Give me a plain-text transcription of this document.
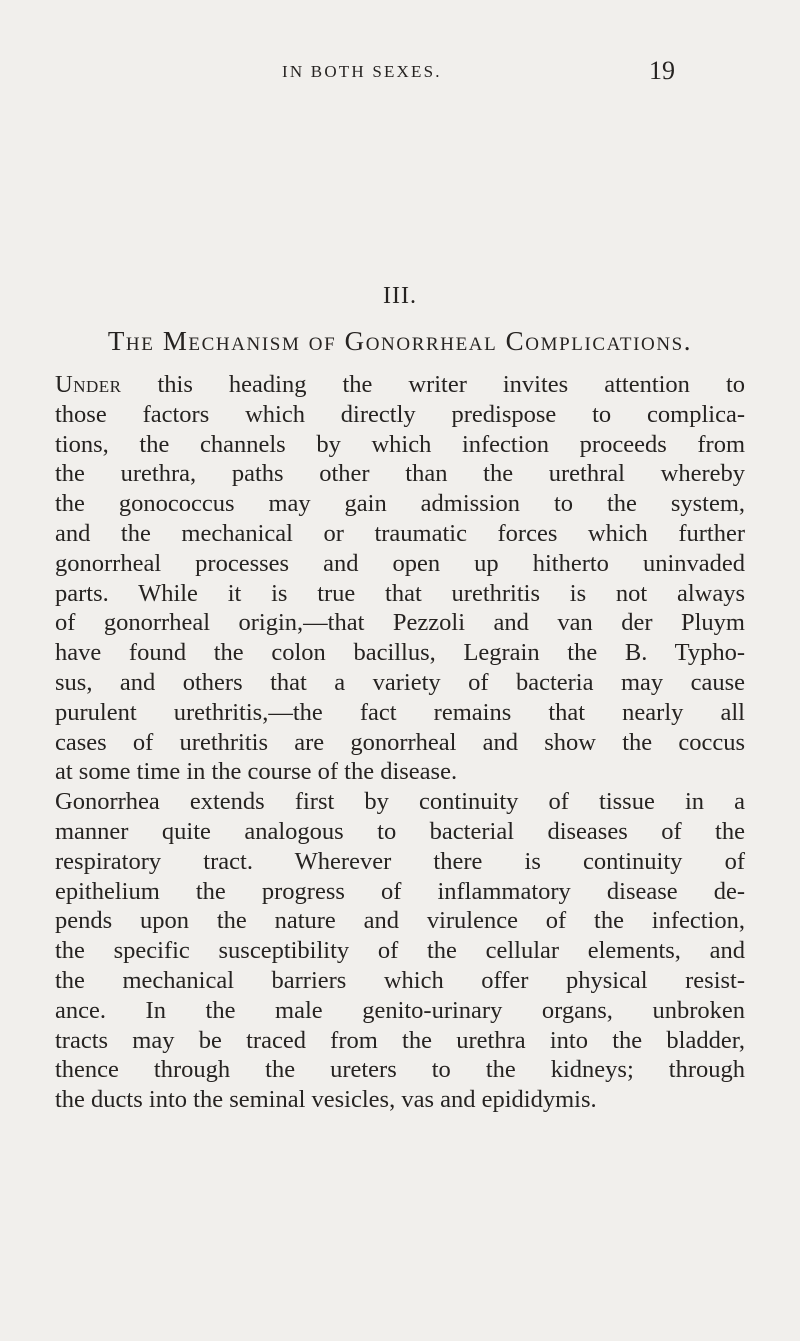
IN BOTH SEXES.	19
III.
The Mechanism of Gonorrheal Complications.
Under this heading the writer invites attention to
those factors which directly predispose to complica-
tions, the channels by which infection proceeds from
the urethra, paths other than the urethral whereby
the gonococcus may gain admission to the system,
and the mechanical or traumatic forces which further
gonorrheal processes and open up hitherto uninvaded
parts. While it is true that urethritis is not always
of gonorrheal origin,—that Pezzoli and van der Pluym
have found the colon bacillus, Legrain the B. Typho-
sus, and others that a variety of bacteria may cause
purulent urethritis,—the fact remains that nearly all
cases of urethritis are gonorrheal and show the coccus
at some time in the course of the disease.
Gonorrhea extends first by continuity of tissue in a
manner quite analogous to bacterial diseases of the
respiratory tract. Wherever there is continuity of
epithelium the progress of inflammatory disease de-
pends upon the nature and virulence of the infection,
the specific susceptibility of the cellular elements, and
the mechanical barriers which offer physical resist-
ance. In the male genito-urinary organs, unbroken
tracts may be traced from the urethra into the bladder,
thence through the ureters to the kidneys; through
the ducts into the seminal vesicles, vas and epididymis.
